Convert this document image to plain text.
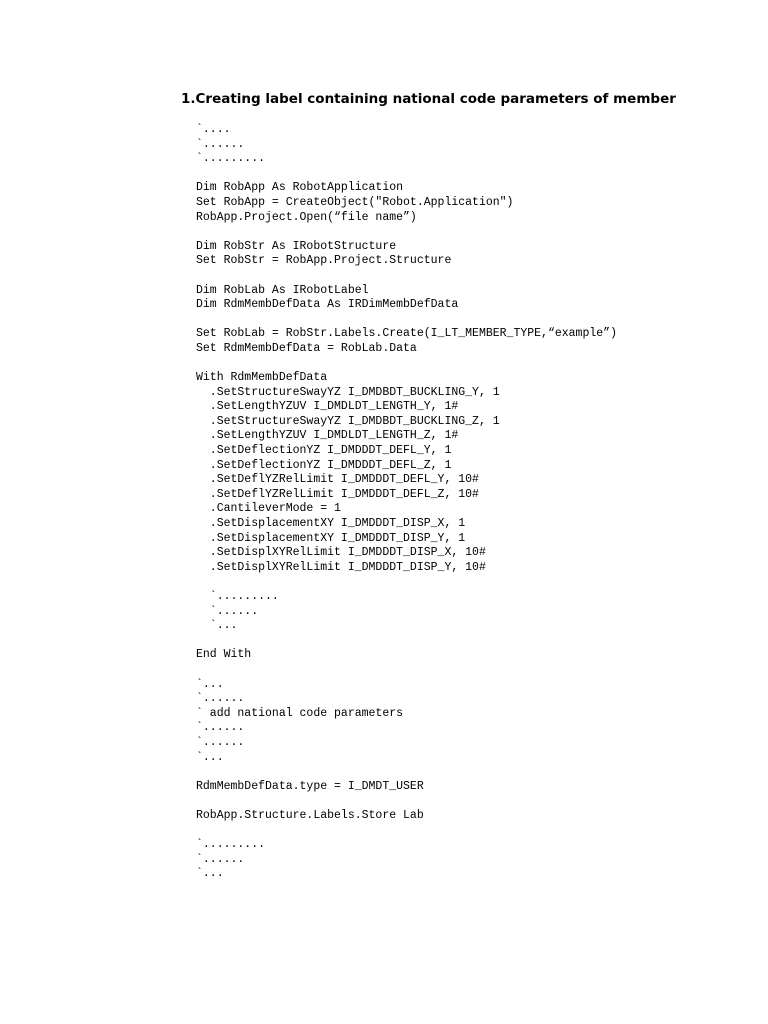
1.Creating label containing national code parameters of member
`....
`......
`.........
Dim RobApp As RobotApplication
Set RobApp = CreateObject("Robot.Application")
RobApp.Project.Open(“file name”)
Dim RobStr As IRobotStructure
Set RobStr = RobApp.Project.Structure
Dim RobLab As IRobotLabel
Dim RdmMembDefData As IRDimMembDefData
Set RobLab = RobStr.Labels.Create(I_LT_MEMBER_TYPE,“example”)
Set RdmMembDefData = RobLab.Data
With RdmMembDefData
.SetStructureSwayYZ I_DMDBDT_BUCKLING_Y, 1
.SetLengthYZUV I_DMDLDT_LENGTH_Y, 1#
.SetStructureSwayYZ I_DMDBDT_BUCKLING_Z, 1
.SetLengthYZUV I_DMDLDT_LENGTH_Z, 1#
.SetDeflectionYZ I_DMDDDT_DEFL_Y, 1
.SetDeflectionYZ I_DMDDDT_DEFL_Z, 1
.SetDeflYZRelLimit I_DMDDDT_DEFL_Y, 10#
.SetDeflYZRelLimit I_DMDDDT_DEFL_Z, 10#
.CantileverMode = 1
.SetDisplacementXY I_DMDDDT_DISP_X, 1
.SetDisplacementXY I_DMDDDT_DISP_Y, 1
.SetDisplXYRelLimit I_DMDDDT_DISP_X, 10#
.SetDisplXYRelLimit I_DMDDDT_DISP_Y, 10#
`.........
`......
`...
End With
`...
`......
` add national code parameters
`......
`......
`...
RdmMembDefData.type = I_DMDT_USER
RobApp.Structure.Labels.Store Lab
`.........
`......
`...
